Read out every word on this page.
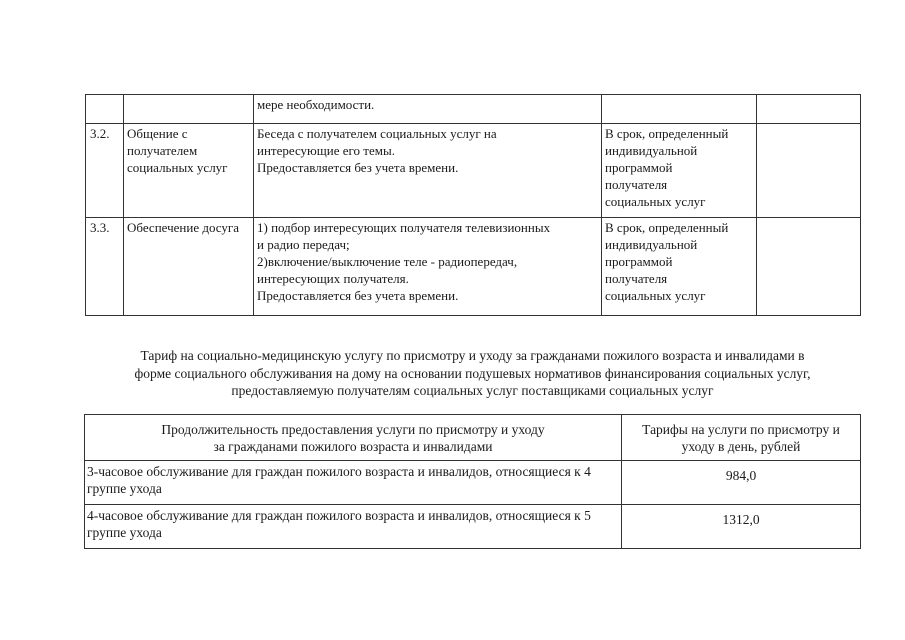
		мере необходимости.		
3.2.	Общение с получателем социальных услуг	Беседа с получателем социальных услуг на
интересующие его темы.
Предоставляется без учета времени.	В срок, определенный
индивидуальной
программой
получателя
социальных услуг	

3.3.	Обеспечение досуга	1) подбор интересующих получателя телевизионных
и радио передач;
2)включение/выключение теле - радиопередач,
интересующих получателя.
Предоставляется без учета времени.	В срок, определенный
индивидуальной
программой
получателя
социальных услуг	

Тариф на социально-медицинскую услугу по присмотру и уходу за гражданами пожилого возраста и инвалидами в
форме социального обслуживания на дому на основании подушевых нормативов финансирования социальных услуг,
предоставляемую получателям социальных услуг поставщиками социальных услуг
Продолжительность предоставления услуги по присмотру и уходу
за гражданами пожилого возраста и инвалидами	Тарифы на услуги по присмотру и
уходу в день, рублей

3-часовое обслуживание для граждан пожилого возраста и инвалидов, относящиеся к 4 группе ухода	984,0
4-часовое обслуживание для граждан пожилого возраста и инвалидов, относящиеся к 5 группе ухода	1312,0
